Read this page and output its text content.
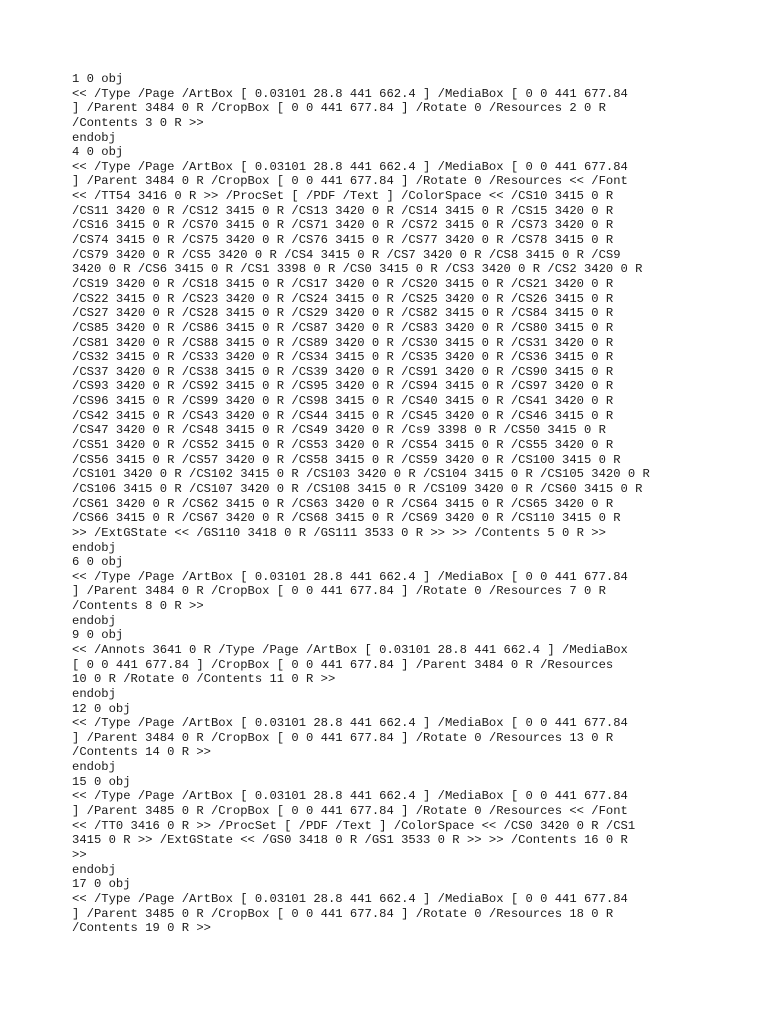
1 0 obj
<< /Type /Page /ArtBox [ 0.03101 28.8 441 662.4 ] /MediaBox [ 0 0 441 677.84
] /Parent 3484 0 R /CropBox [ 0 0 441 677.84 ] /Rotate 0 /Resources 2 0 R
/Contents 3 0 R >>
endobj
4 0 obj
<< /Type /Page /ArtBox [ 0.03101 28.8 441 662.4 ] /MediaBox [ 0 0 441 677.84
] /Parent 3484 0 R /CropBox [ 0 0 441 677.84 ] /Rotate 0 /Resources << /Font
<< /TT54 3416 0 R >> /ProcSet [ /PDF /Text ] /ColorSpace << /CS10 3415 0 R
/CS11 3420 0 R /CS12 3415 0 R /CS13 3420 0 R /CS14 3415 0 R /CS15 3420 0 R
/CS16 3415 0 R /CS70 3415 0 R /CS71 3420 0 R /CS72 3415 0 R /CS73 3420 0 R
/CS74 3415 0 R /CS75 3420 0 R /CS76 3415 0 R /CS77 3420 0 R /CS78 3415 0 R
/CS79 3420 0 R /CS5 3420 0 R /CS4 3415 0 R /CS7 3420 0 R /CS8 3415 0 R /CS9
3420 0 R /CS6 3415 0 R /CS1 3398 0 R /CS0 3415 0 R /CS3 3420 0 R /CS2 3420 0 R
/CS19 3420 0 R /CS18 3415 0 R /CS17 3420 0 R /CS20 3415 0 R /CS21 3420 0 R
/CS22 3415 0 R /CS23 3420 0 R /CS24 3415 0 R /CS25 3420 0 R /CS26 3415 0 R
/CS27 3420 0 R /CS28 3415 0 R /CS29 3420 0 R /CS82 3415 0 R /CS84 3415 0 R
/CS85 3420 0 R /CS86 3415 0 R /CS87 3420 0 R /CS83 3420 0 R /CS80 3415 0 R
/CS81 3420 0 R /CS88 3415 0 R /CS89 3420 0 R /CS30 3415 0 R /CS31 3420 0 R
/CS32 3415 0 R /CS33 3420 0 R /CS34 3415 0 R /CS35 3420 0 R /CS36 3415 0 R
/CS37 3420 0 R /CS38 3415 0 R /CS39 3420 0 R /CS91 3420 0 R /CS90 3415 0 R
/CS93 3420 0 R /CS92 3415 0 R /CS95 3420 0 R /CS94 3415 0 R /CS97 3420 0 R
/CS96 3415 0 R /CS99 3420 0 R /CS98 3415 0 R /CS40 3415 0 R /CS41 3420 0 R
/CS42 3415 0 R /CS43 3420 0 R /CS44 3415 0 R /CS45 3420 0 R /CS46 3415 0 R
/CS47 3420 0 R /CS48 3415 0 R /CS49 3420 0 R /Cs9 3398 0 R /CS50 3415 0 R
/CS51 3420 0 R /CS52 3415 0 R /CS53 3420 0 R /CS54 3415 0 R /CS55 3420 0 R
/CS56 3415 0 R /CS57 3420 0 R /CS58 3415 0 R /CS59 3420 0 R /CS100 3415 0 R
/CS101 3420 0 R /CS102 3415 0 R /CS103 3420 0 R /CS104 3415 0 R /CS105 3420 0 R
/CS106 3415 0 R /CS107 3420 0 R /CS108 3415 0 R /CS109 3420 0 R /CS60 3415 0 R
/CS61 3420 0 R /CS62 3415 0 R /CS63 3420 0 R /CS64 3415 0 R /CS65 3420 0 R
/CS66 3415 0 R /CS67 3420 0 R /CS68 3415 0 R /CS69 3420 0 R /CS110 3415 0 R
>> /ExtGState << /GS110 3418 0 R /GS111 3533 0 R >> >> /Contents 5 0 R >>
endobj
6 0 obj
<< /Type /Page /ArtBox [ 0.03101 28.8 441 662.4 ] /MediaBox [ 0 0 441 677.84
] /Parent 3484 0 R /CropBox [ 0 0 441 677.84 ] /Rotate 0 /Resources 7 0 R
/Contents 8 0 R >>
endobj
9 0 obj
<< /Annots 3641 0 R /Type /Page /ArtBox [ 0.03101 28.8 441 662.4 ] /MediaBox
[ 0 0 441 677.84 ] /CropBox [ 0 0 441 677.84 ] /Parent 3484 0 R /Resources
10 0 R /Rotate 0 /Contents 11 0 R >>
endobj
12 0 obj
<< /Type /Page /ArtBox [ 0.03101 28.8 441 662.4 ] /MediaBox [ 0 0 441 677.84
] /Parent 3484 0 R /CropBox [ 0 0 441 677.84 ] /Rotate 0 /Resources 13 0 R
/Contents 14 0 R >>
endobj
15 0 obj
<< /Type /Page /ArtBox [ 0.03101 28.8 441 662.4 ] /MediaBox [ 0 0 441 677.84
] /Parent 3485 0 R /CropBox [ 0 0 441 677.84 ] /Rotate 0 /Resources << /Font
<< /TT0 3416 0 R >> /ProcSet [ /PDF /Text ] /ColorSpace << /CS0 3420 0 R /CS1
3415 0 R >> /ExtGState << /GS0 3418 0 R /GS1 3533 0 R >> >> /Contents 16 0 R
>>
endobj
17 0 obj
<< /Type /Page /ArtBox [ 0.03101 28.8 441 662.4 ] /MediaBox [ 0 0 441 677.84
] /Parent 3485 0 R /CropBox [ 0 0 441 677.84 ] /Rotate 0 /Resources 18 0 R
/Contents 19 0 R >>
